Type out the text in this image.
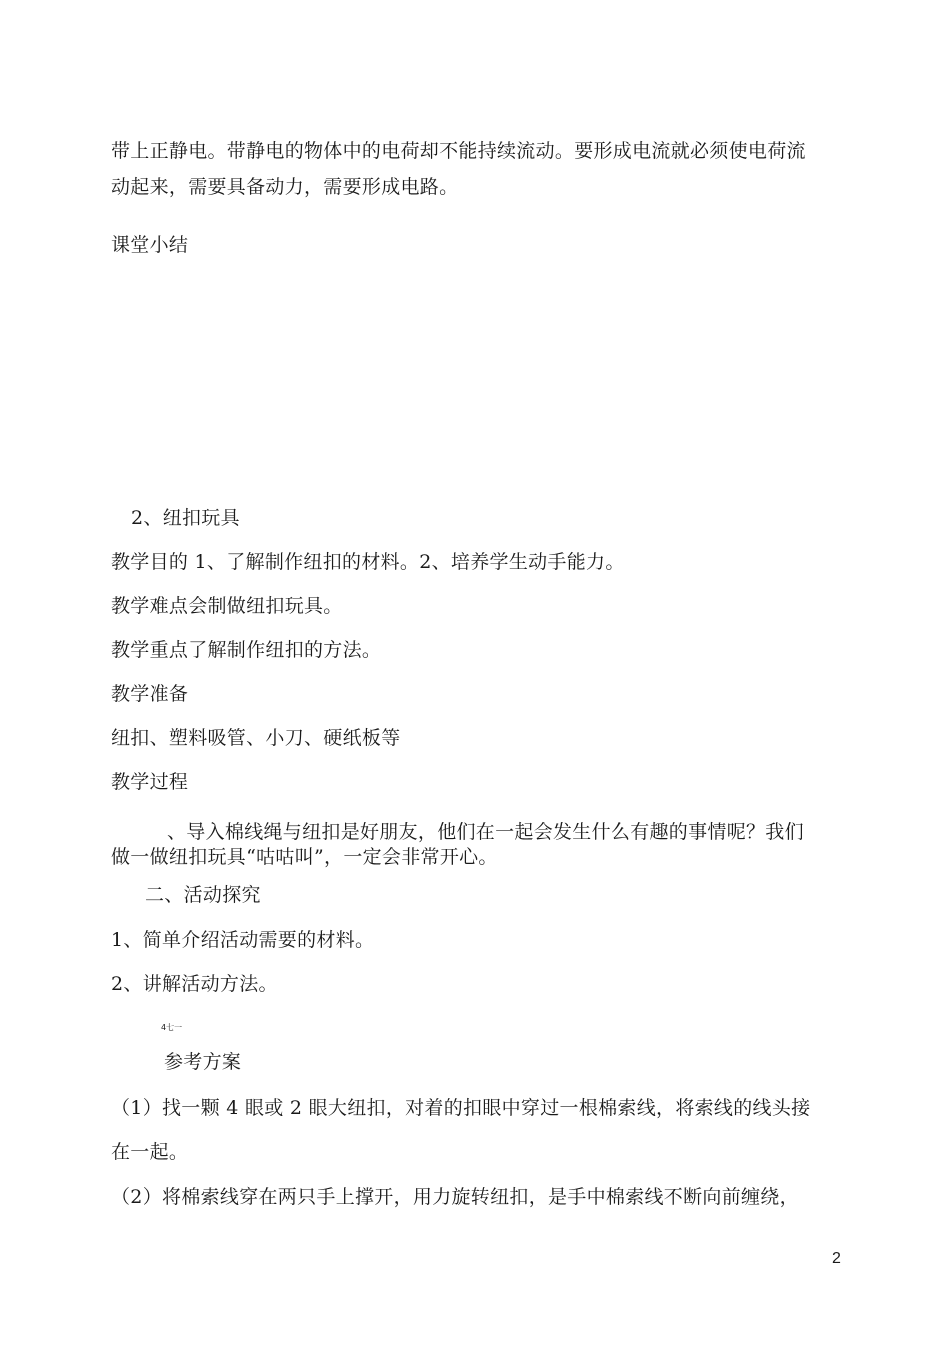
带上正静电。带静电的物体中的电荷却不能持续流动。要形成电流就必须使电荷流
动起来，需要具备动力，需要形成电路。
课堂小结
2、纽扣玩具
教学目的 1、了解制作纽扣的材料。2、培养学生动手能力。
教学难点会制做纽扣玩具。
教学重点了解制作纽扣的方法。
教学准备
纽扣、塑料吸管、小刀、硬纸板等
教学过程
、导入棉线绳与纽扣是好朋友，他们在一起会发生什么有趣的事情呢？我们
做一做纽扣玩具“咕咕叫”，一定会非常开心。
二、活动探究
1、简单介绍活动需要的材料。
2、讲解活动方法。
4七一
参考方案
（1）找一颗 4 眼或 2 眼大纽扣，对着的扣眼中穿过一根棉索线，将索线的线头接
在一起。
（2）将棉索线穿在两只手上撑开，用力旋转纽扣，是手中棉索线不断向前缠绕，
2
